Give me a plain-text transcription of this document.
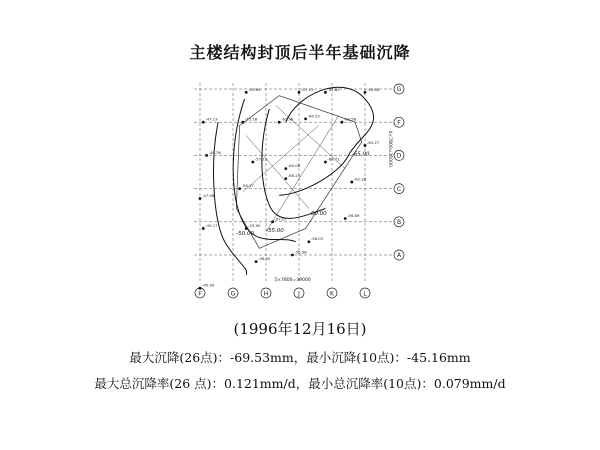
主楼结构封顶后半年基础沉降
F	G	H	J	K	L
G
F
D
C
B
A
-50.00
-55.00
-60.00
-65.00
-45.99
-47.13
-48.76
-47.98
-49.17
-55.89
-55.18
-57.13
-56.17
-53.90
-56.50
-57.23	-57.82	-59.48
-61.98
-64.25
-63.58
-60.08
-66.23
-60.71
-63.27
-67.07
-56.03
-56.89
-62.28
-56.38
5×7800=39000
4×7800=35000
(1996年12月16日)
最大沉降(26点)：-69.53mm，最小沉降(10点)：-45.16mm
最大总沉降率(26 点)：0.121mm/d，最小总沉降率(10点)：0.079mm/d
